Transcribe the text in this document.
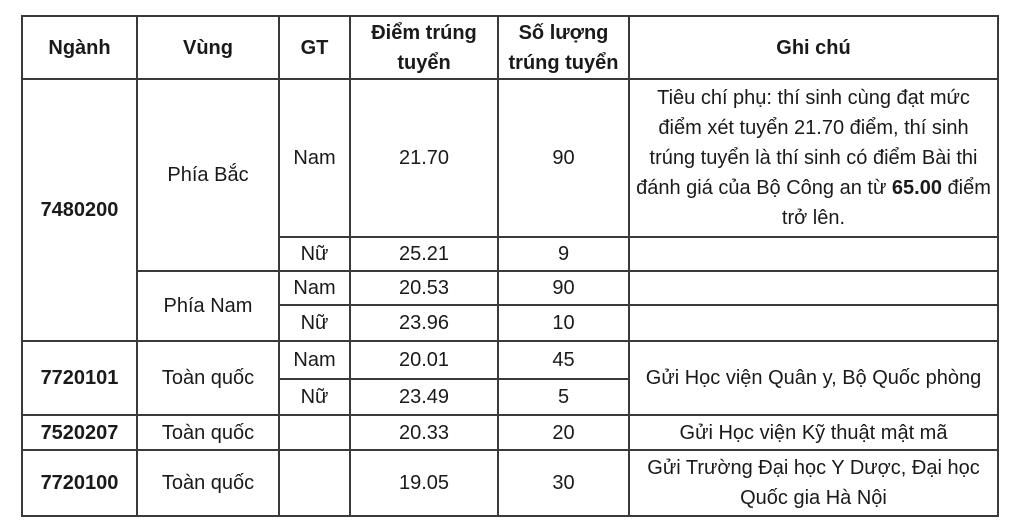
Ngành	Vùng	GT	Điểm trúng tuyển	Số lượng trúng tuyển	Ghi chú
7480200	Phía Bắc	Nam	21.70	90	Tiêu chí phụ: thí sinh cùng đạt mức điểm xét tuyển 21.70 điểm, thí sinh trúng tuyển là thí sinh có điểm Bài thi đánh giá của Bộ Công an từ 65.00 điểm trở lên.
		Nữ	25.21	9	
	Phía Nam	Nam	20.53	90	
		Nữ	23.96	10	
7720101	Toàn quốc	Nam	20.01	45	Gửi Học viện Quân y, Bộ Quốc phòng
		Nữ	23.49	5	
7520207	Toàn quốc		20.33	20	Gửi Học viện Kỹ thuật mật mã
7720100	Toàn quốc		19.05	30	Gửi Trường Đại học Y Dược, Đại học Quốc gia Hà Nội
